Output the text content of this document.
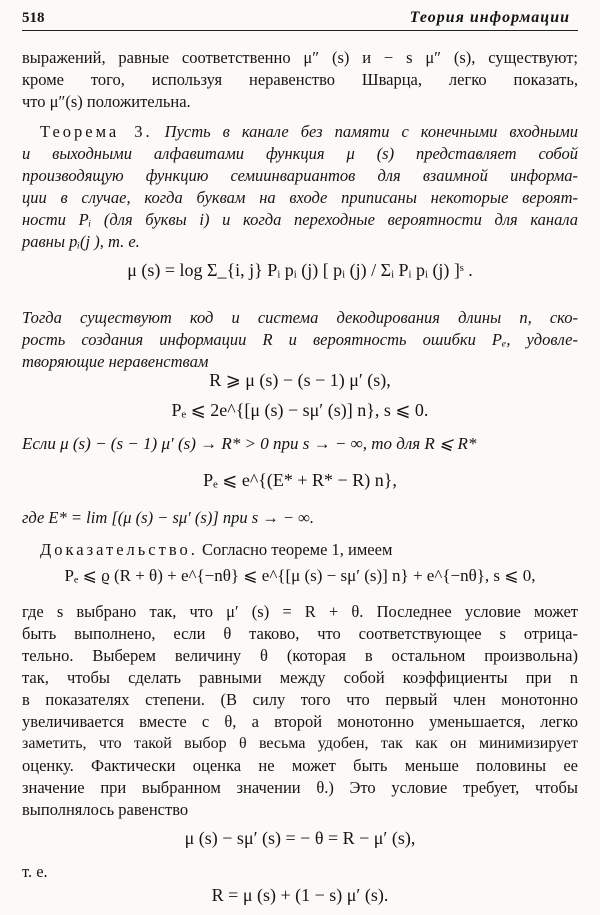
518	Теория информации
выражений, равные соответственно μ″ (s) и − s μ″ (s), существуют;
кроме того, используя неравенство Шварца, легко показать,
что μ″(s) положительна.
Теорема 3. Пусть в канале без памяти с конечными входными
и выходными алфавитами функция μ (s) представляет собой
производящую функцию семиинвариантов для взаимной информа-
ции в случае, когда буквам на входе приписаны некоторые вероят-
ности Pᵢ (для буквы i) и когда переходные вероятности для канала
равны pᵢ(j ), т. е.
μ (s) = log Σ_{i, j} Pᵢ pᵢ (j) [ pᵢ (j) / Σᵢ Pᵢ pᵢ (j) ]ˢ .
Тогда существуют код и система декодирования длины n, ско-
рость создания информации R и вероятность ошибки Pₑ, удовле-
творяющие неравенствам
R ⩾ μ (s) − (s − 1) μ′ (s),
Pₑ ⩽ 2e^{[μ (s) − sμ′ (s)] n}, s ⩽ 0.
Если μ (s) − (s − 1) μ′ (s) → R* > 0 при s → − ∞, то для R ⩽ R*
Pₑ ⩽ e^{(E* + R* − R) n},
где E* = lim [(μ (s) − sμ′ (s)] при s → − ∞.
Доказательство. Согласно теореме 1, имеем
Pₑ ⩽ ϱ (R + θ) + e^{−nθ} ⩽ e^{[μ (s) − sμ′ (s)] n} + e^{−nθ}, s ⩽ 0,
где s выбрано так, что μ′ (s) = R + θ. Последнее условие может
быть выполнено, если θ таково, что соответствующее s отрица-
тельно. Выберем величину θ (которая в остальном произвольна)
так, чтобы сделать равными между собой коэффициенты при n
в показателях степени. (В силу того что первый член монотонно
увеличивается вместе с θ, а второй монотонно уменьшается, легко
заметить, что такой выбор θ весьма удобен, так как он минимизирует
оценку. Фактически оценка не может быть меньше половины ее
значение при выбранном значении θ.) Это условие требует, чтобы
выполнялось равенство
μ (s) − sμ′ (s) = − θ = R − μ′ (s),
т. е.
R = μ (s) + (1 − s) μ′ (s).
